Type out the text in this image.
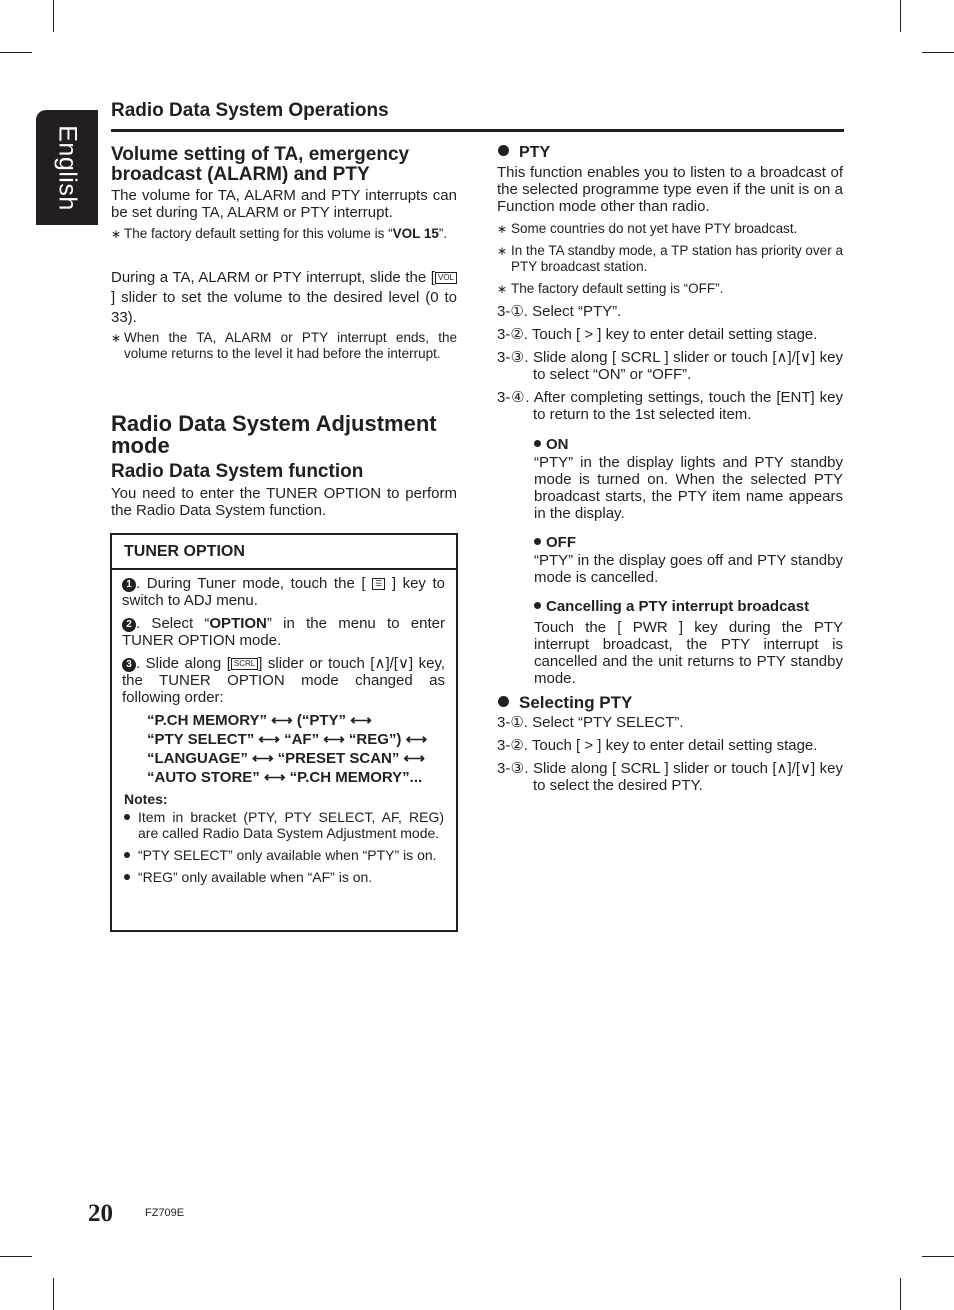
English
Radio Data System Operations
Volume setting of TA, emergency broadcast (ALARM) and PTY
The volume for TA, ALARM and PTY interrupts can be set during TA, ALARM or PTY interrupt.
∗ The factory default setting for this volume is “VOL 15”.
During a TA, ALARM or PTY interrupt, slide the [ VOL] slider to set the volume to the desired level (0 to 33).
∗ When the TA, ALARM or PTY interrupt ends, the volume returns to the level it had before the interrupt.
Radio Data System Adjustment mode
Radio Data System function
You need to enter the TUNER OPTION to perform the Radio Data System function.
TUNER OPTION
1 . During Tuner mode, touch the [ ☰ ] key to switch to ADJ menu.
2 . Select “OPTION” in the menu to enter TUNER OPTION mode.
3 . Slide along [ SCRL ] slider or touch [∧]/[∨] key, the TUNER OPTION mode changed as following order:
“P.CH MEMORY” ⟷ (“PTY” ⟷
“PTY SELECT” ⟷ “AF” ⟷ “REG”) ⟷
“LANGUAGE” ⟷ “PRESET SCAN” ⟷
“AUTO STORE” ⟷ “P.CH MEMORY”...
Notes:
Item in bracket (PTY, PTY SELECT, AF, REG) are called Radio Data System Adjustment mode.
“PTY SELECT” only available when “PTY” is on.
“REG” only available when “AF” is on.
PTY
This function enables you to listen to a broadcast of the selected programme type even if the unit is on a Function mode other than radio.
∗ Some countries do not yet have PTY broadcast.
∗ In the TA standby mode, a TP station has priority over a PTY broadcast station.
∗ The factory default setting is “OFF”.
3-①. Select “PTY”.
3-②. Touch [ > ] key to enter detail setting stage.
3-③. Slide along [ SCRL ] slider or touch [∧]/[∨] key to select “ON” or “OFF”.
3-④. After completing settings, touch the [ENT] key to return to the 1st selected item.
ON
“PTY” in the display lights and PTY standby mode is turned on. When the selected PTY broadcast starts, the PTY item name appears in the display.
OFF
“PTY” in the display goes off and PTY standby mode is cancelled.
Cancelling a PTY interrupt broadcast
Touch the [ PWR ] key during the PTY interrupt broadcast, the PTY interrupt is cancelled and the unit returns to PTY standby mode.
Selecting PTY
3-①. Select “PTY SELECT”.
3-②. Touch [ > ] key to enter detail setting stage.
3-③. Slide along [ SCRL ] slider or touch [∧]/[∨] key to select the desired PTY.
20	FZ709E
